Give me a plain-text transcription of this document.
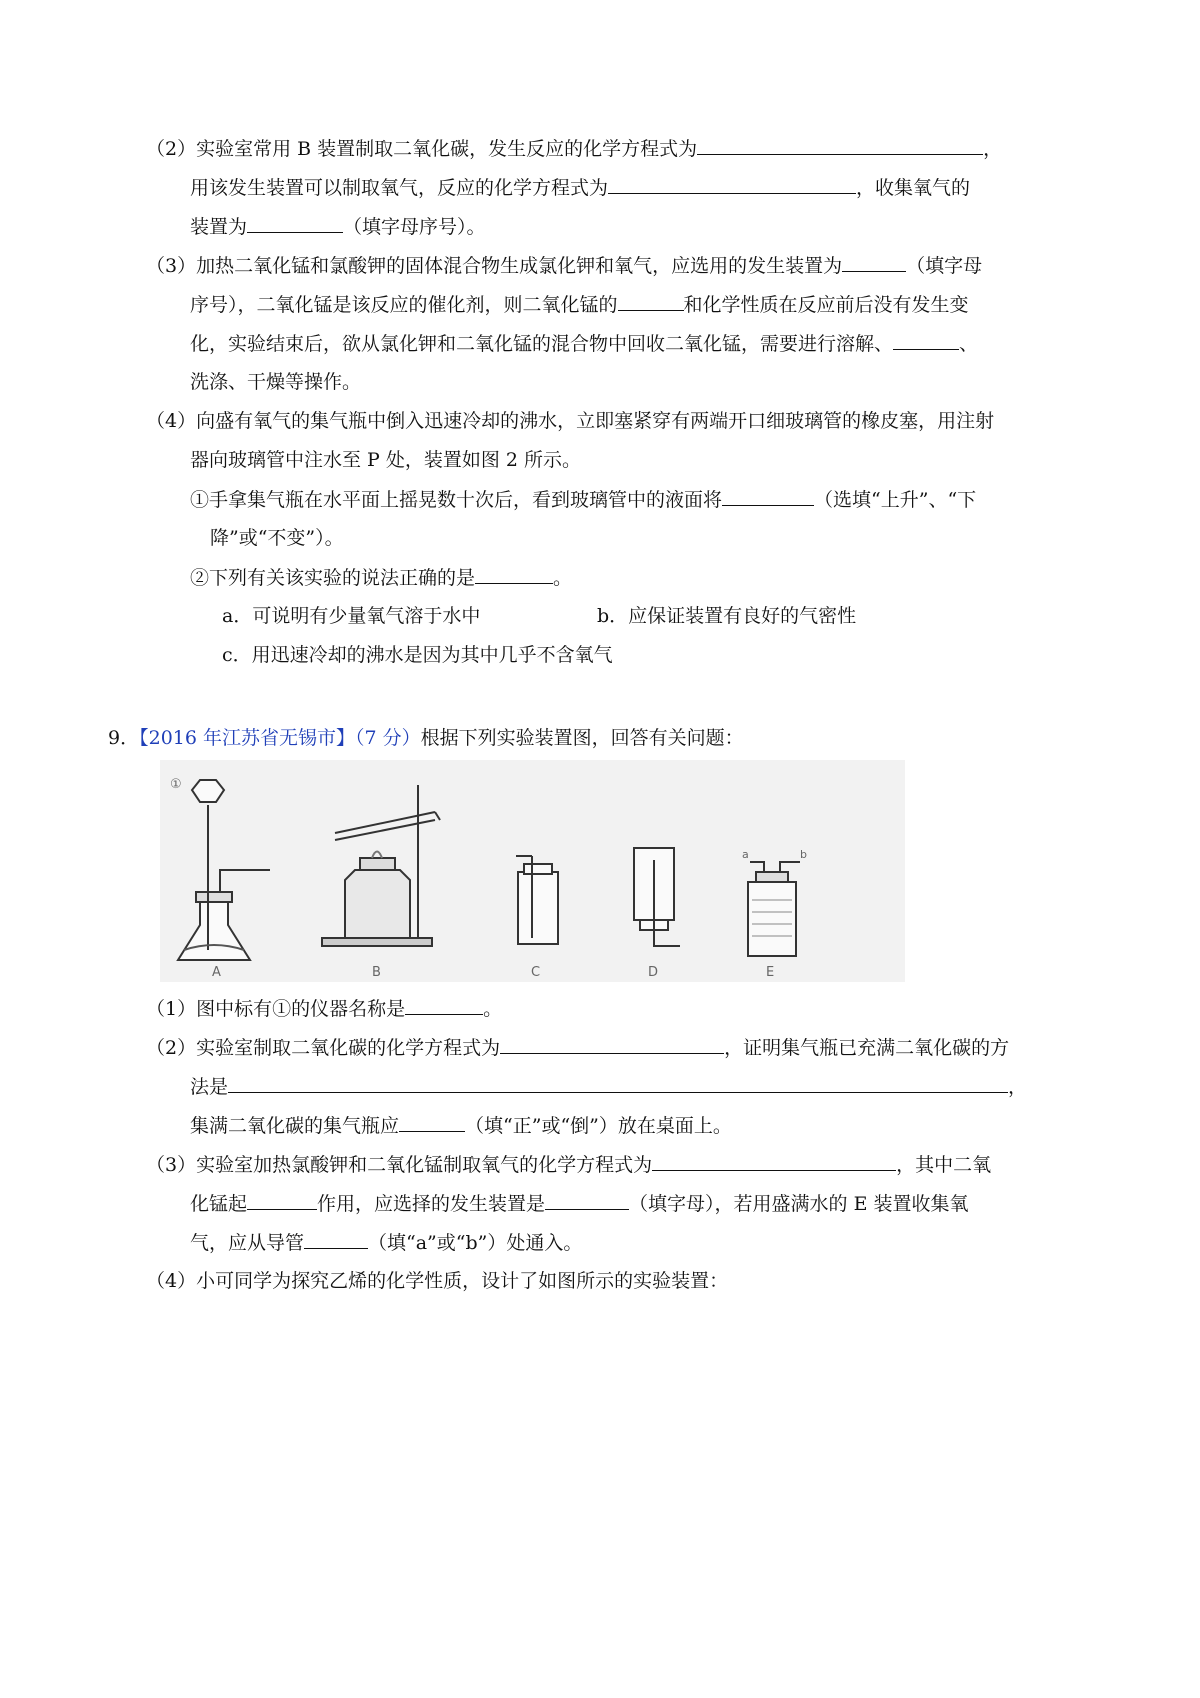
（2）实验室常用 B 装置制取二氧化碳，发生反应的化学方程式为	，
用该发生装置可以制取氧气，反应的化学方程式为	，收集氧气的
装置为	（填字母序号）。
（3）加热二氧化锰和氯酸钾的固体混合物生成氯化钾和氧气，应选用的发生装置为	（填字母
序号），二氧化锰是该反应的催化剂，则二氧化锰的	和化学性质在反应前后没有发生变
化，实验结束后，欲从氯化钾和二氧化锰的混合物中回收二氧化锰，需要进行溶解、	、
洗涤、干燥等操作。
（4）向盛有氧气的集气瓶中倒入迅速冷却的沸水，立即塞紧穿有两端开口细玻璃管的橡皮塞，用注射
器向玻璃管中注水至 P 处，装置如图 2 所示。
①手拿集气瓶在水平面上摇晃数十次后，看到玻璃管中的液面将	（选填“上升”、“下
降”或“不变”）。
②下列有关该实验的说法正确的是	。
a．可说明有少量氧气溶于水中	b．应保证装置有良好的气密性
c．用迅速冷却的沸水是因为其中几乎不含氧气
9．【2016 年江苏省无锡市】（7 分）根据下列实验装置图，回答有关问题：
①
A	B	C	D	E
a	b
（1）图中标有①的仪器名称是	。
（2）实验室制取二氧化碳的化学方程式为	，证明集气瓶已充满二氧化碳的方
法是	，
集满二氧化碳的集气瓶应	（填“正”或“倒”）放在桌面上。
（3）实验室加热氯酸钾和二氧化锰制取氧气的化学方程式为	，其中二氧
化锰起	作用，应选择的发生装置是	（填字母），若用盛满水的 E 装置收集氧
气，应从导管	（填“a”或“b”）处通入。
（4）小可同学为探究乙烯的化学性质，设计了如图所示的实验装置：
